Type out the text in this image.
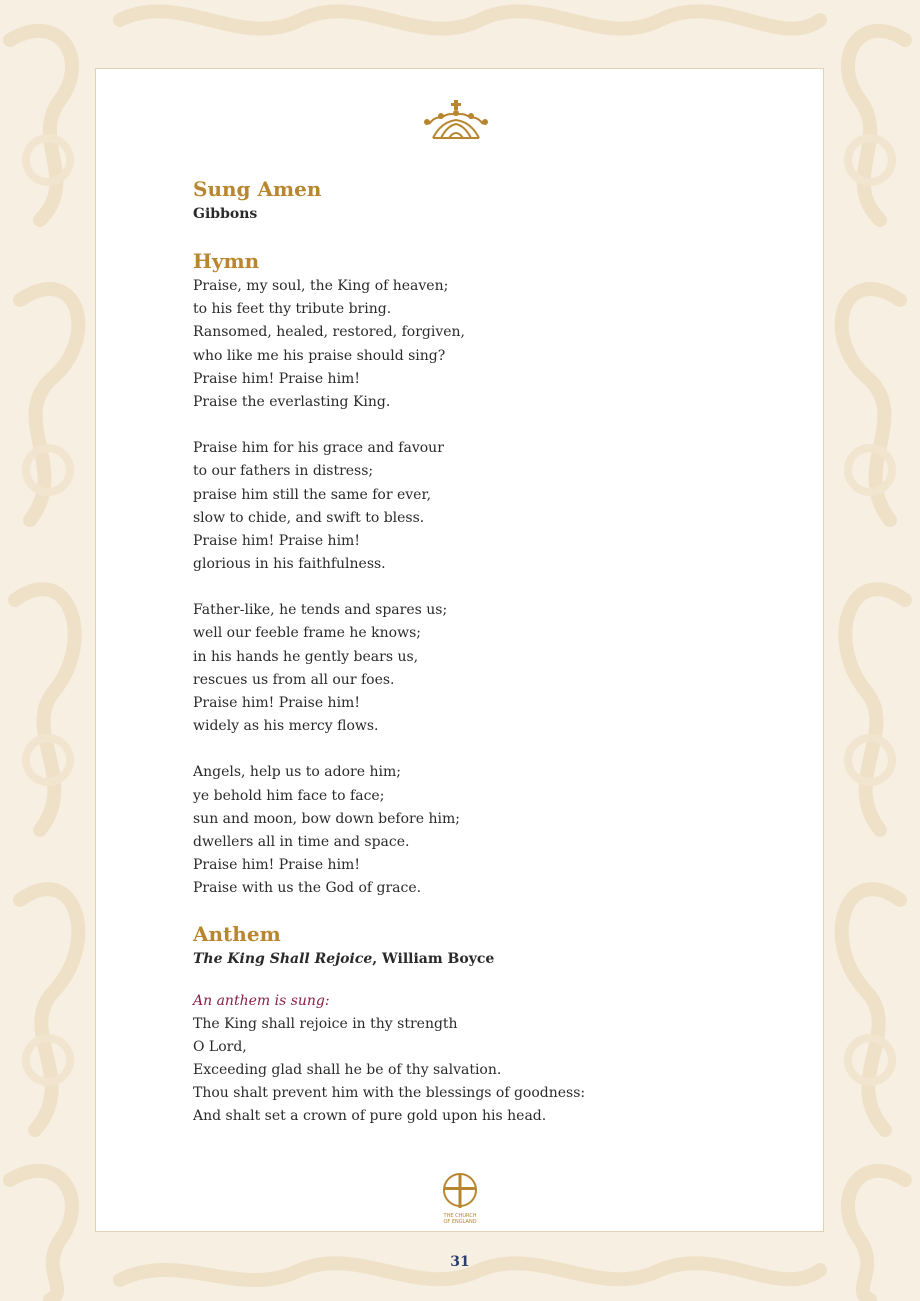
Sung Amen

Gibbons

Hymn
Praise, my soul, the King of heaven;
to his feet thy tribute bring.
Ransomed, healed, restored, forgiven,
who like me his praise should sing?
Praise him! Praise him!
Praise the everlasting King.
Praise him for his grace and favour
to our fathers in distress;
praise him still the same for ever,
slow to chide, and swift to bless.
Praise him! Praise him!
glorious in his faithfulness.
Father-like, he tends and spares us;
well our feeble frame he knows;
in his hands he gently bears us,
rescues us from all our foes.
Praise him! Praise him!
widely as his mercy flows.
Angels, help us to adore him;
ye behold him face to face;
sun and moon, bow down before him;
dwellers all in time and space.
Praise him! Praise him!
Praise with us the God of grace.
Anthem

The King Shall Rejoice, William Boyce

An anthem is sung:
The King shall rejoice in thy strength
O Lord,
Exceeding glad shall he be of thy salvation.
Thou shalt prevent him with the blessings of goodness:
And shalt set a crown of pure gold upon his head.
THE CHURCH
OF ENGLAND
31
